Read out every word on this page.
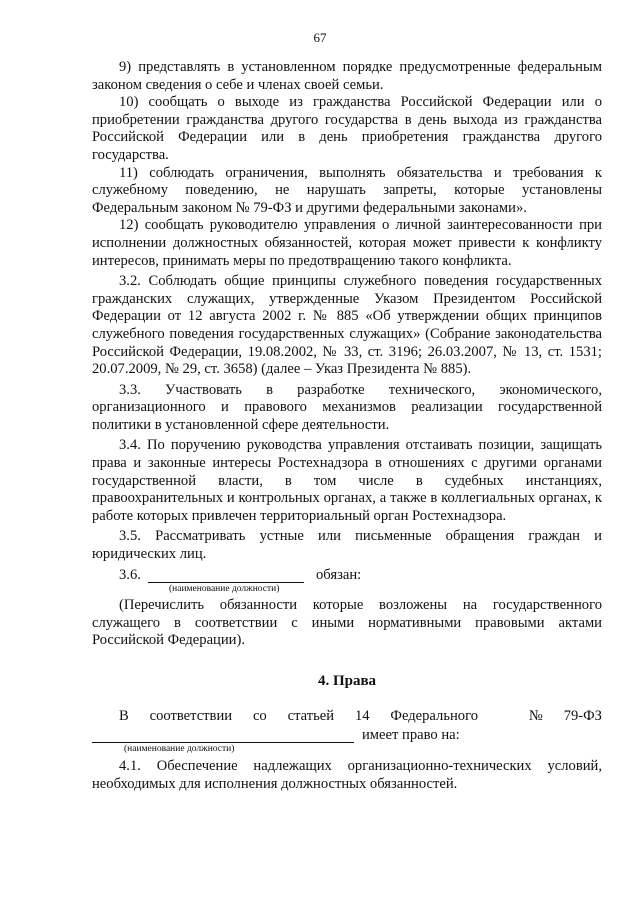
67

9) представлять в установленном порядке предусмотренные федеральным законом сведения о себе и членах своей семьи.

10) сообщать о выходе из гражданства Российской Федерации или о приобретении гражданства другого государства в день выхода из гражданства Российской Федерации или в день приобретения гражданства другого государства.

11) соблюдать ограничения, выполнять обязательства и требования к служебному поведению, не нарушать запреты, которые установлены Федеральным законом № 79-ФЗ и другими федеральными законами».

12) сообщать руководителю управления о личной заинтересованности при исполнении должностных обязанностей, которая может привести к конфликту интересов, принимать меры по предотвращению такого конфликта.

3.2. Соблюдать общие принципы служебного поведения государственных гражданских служащих, утвержденные Указом Президентом Российской Федерации от 12 августа 2002 г. № 885 «Об утверждении общих принципов служебного поведения государственных служащих» (Собрание законодательства Российской Федерации, 19.08.2002, № 33, ст. 3196; 26.03.2007, № 13, ст. 1531; 20.07.2009, № 29, ст. 3658) (далее – Указ Президента № 885).

3.3. Участвовать в разработке технического, экономического, организационного и правового механизмов реализации государственной политики в установленной сфере деятельности.

3.4. По поручению руководства управления отстаивать позиции, защищать права и законные интересы Ростехнадзора в отношениях с другими органами государственной власти, в том числе в судебных инстанциях, правоохранительных и контрольных органах, а также в коллегиальных органах, к работе которых привлечен территориальный орган Ростехнадзора.

3.5. Рассматривать устные или письменные обращения граждан и юридических лиц.

3.6.	обязан:
(наименование должности)

(Перечислить обязанности которые возложены на государственного служащего в соответствии с иными нормативными правовыми актами Российской Федерации).

4. Права
В соответствии со статьей 14 Федерального	№ 79-ФЗ
имеет право на:
(наименование должности)

4.1. Обеспечение надлежащих организационно-технических условий, необходимых для исполнения должностных обязанностей.
